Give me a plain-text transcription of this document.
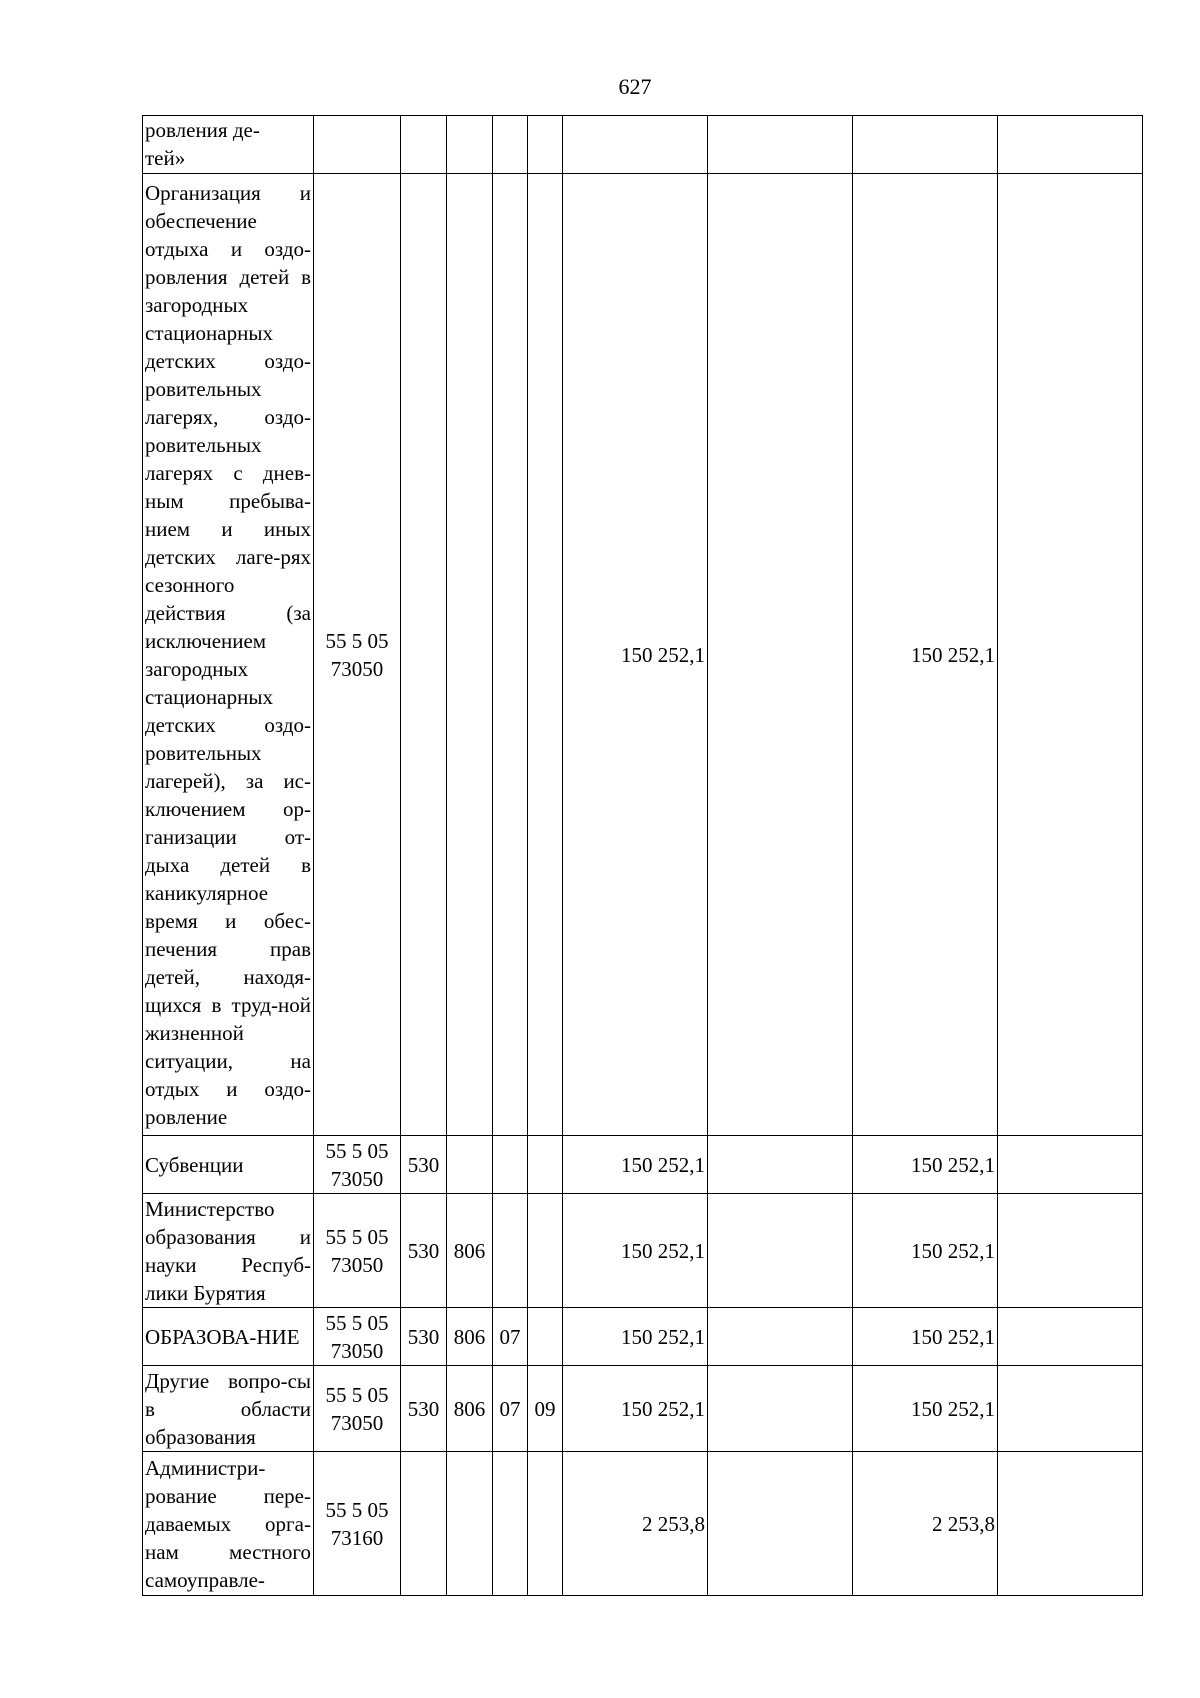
627
ровления де-
тей»									

Организация и обеспечение отдыха и оздо-ровления детей в загородных стационарных детских оздо-ровительных лагерях, оздо-ровительных лагерях с днев-ным пребыва-нием и иных детских лаге-рях сезонного действия (за исключением загородных стационарных детских оздо-ровительных лагерей), за ис-ключением ор-ганизации от-дыха детей в каникулярное время и обес-печения прав детей, находя-щихся в труд-ной жизненной ситуации, на отдых и оздо-ровление	55 5 05 73050					150 252,1		150 252,1	
Субвенции	55 5 05 73050	530				150 252,1		150 252,1	
Министерство образования и науки Респуб-лики Бурятия	55 5 05 73050	530	806			150 252,1		150 252,1	
ОБРАЗОВА-НИЕ	55 5 05 73050	530	806	07		150 252,1		150 252,1	
Другие вопро-сы в области образования	55 5 05 73050	530	806	07	09	150 252,1		150 252,1	
Администри-рование пере-даваемых орга-нам местного самоуправле-	55 5 05 73160					2 253,8		2 253,8	
